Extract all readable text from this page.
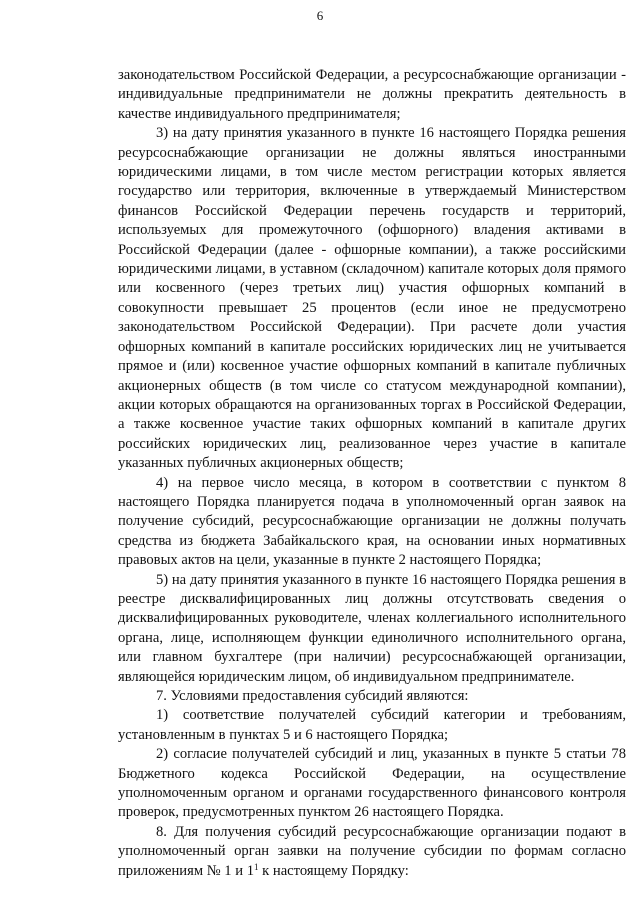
6

законодательством Российской Федерации, а ресурсоснабжающие организации - индивидуальные предприниматели не должны прекратить деятельность в качестве индивидуального предпринимателя;

3) на дату принятия указанного в пункте 16 настоящего Порядка решения ресурсоснабжающие организации не должны являться иностранными юридическими лицами, в том числе местом регистрации которых является государство или территория, включенные в утверждаемый Министерством финансов Российской Федерации перечень государств и территорий, используемых для промежуточного (офшорного) владения активами в Российской Федерации (далее - офшорные компании), а также российскими юридическими лицами, в уставном (складочном) капитале которых доля прямого или косвенного (через третьих лиц) участия офшорных компаний в совокупности превышает 25 процентов (если иное не предусмотрено законодательством Российской Федерации). При расчете доли участия офшорных компаний в капитале российских юридических лиц не учитывается прямое и (или) косвенное участие офшорных компаний в капитале публичных акционерных обществ (в том числе со статусом международной компании), акции которых обращаются на организованных торгах в Российской Федерации, а также косвенное участие таких офшорных компаний в капитале других российских юридических лиц, реализованное через участие в капитале указанных публичных акционерных обществ;

4) на первое число месяца, в котором в соответствии с пунктом 8 настоящего Порядка планируется подача в уполномоченный орган заявок на получение субсидий, ресурсоснабжающие организации не должны получать средства из бюджета Забайкальского края, на основании иных нормативных правовых актов на цели, указанные в пункте 2 настоящего Порядка;

5) на дату принятия указанного в пункте 16 настоящего Порядка решения в реестре дисквалифицированных лиц должны отсутствовать сведения о дисквалифицированных руководителе, членах коллегиального исполнительного органа, лице, исполняющем функции единоличного исполнительного органа, или главном бухгалтере (при наличии) ресурсоснабжающей организации, являющейся юридическим лицом, об индивидуальном предпринимателе.

7. Условиями предоставления субсидий являются:

1) соответствие получателей субсидий категории и требованиям, установленным в пунктах 5 и 6 настоящего Порядка;

2) согласие получателей субсидий и лиц, указанных в пункте 5 статьи 78 Бюджетного кодекса Российской Федерации, на осуществление уполномоченным органом и органами государственного финансового контроля проверок, предусмотренных пунктом 26 настоящего Порядка.

8. Для получения субсидий ресурсоснабжающие организации подают в уполномоченный орган заявки на получение субсидии по формам согласно приложениям № 1 и $1^1$ к настоящему Порядку:
